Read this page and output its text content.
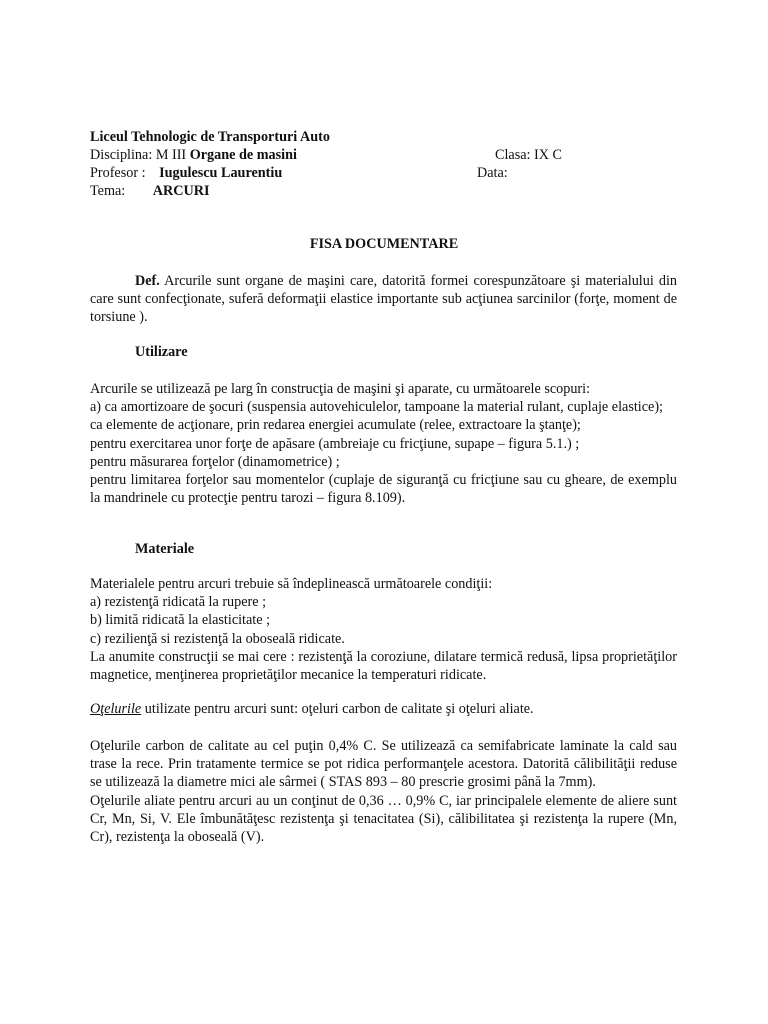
Liceul Tehnologic de Transporturi Auto
Disciplina: M III Organe de masini	Clasa: IX C
Profesor : Iugulescu Laurentiu	Data:
Tema: ARCURI
FISA DOCUMENTARE

Def. Arcurile sunt organe de maşini care, datorită formei corespunzătoare şi materialului din care sunt confecţionate, suferă deformaţii elastice importante sub acţiunea sarcinilor (forţe, moment de torsiune ).

Utilizare

Arcurile se utilizează pe larg în construcţia de maşini şi aparate, cu următoarele scopuri:

a) ca amortizoare de şocuri (suspensia autovehiculelor, tampoane la material rulant, cuplaje elastice);

ca elemente de acţionare, prin redarea energiei acumulate (relee, extractoare la ştanţe);

pentru exercitarea unor forţe de apăsare (ambreiaje cu fricţiune, supape – figura 5.1.) ;

pentru măsurarea forţelor (dinamometrice) ;

pentru limitarea forţelor sau momentelor (cuplaje de siguranţă cu fricţiune sau cu gheare, de exemplu la mandrinele cu protecţie pentru tarozi – figura 8.109).

Materiale

Materialele pentru arcuri trebuie să îndeplinească următoarele condiţii:

a) rezistenţă ridicată la rupere ;

b) limită ridicată la elasticitate ;

c) rezilienţă si rezistenţă la oboseală ridicate.

La anumite construcţii se mai cere : rezistenţă la coroziune, dilatare termică redusă, lipsa proprietăţilor magnetice, menţinerea proprietăţilor mecanice la temperaturi ridicate.

Oţelurile utilizate pentru arcuri sunt: oţeluri carbon de calitate şi oţeluri aliate.

Oţelurile carbon de calitate au cel puţin 0,4% C. Se utilizează ca semifabricate laminate la cald sau trase la rece. Prin tratamente termice se pot ridica performanţele acestora. Datorită călibilităţii reduse se utilizează la diametre mici ale sârmei ( STAS 893 – 80 prescrie grosimi până la 7mm).

Oţelurile aliate pentru arcuri au un conţinut de 0,36 … 0,9% C, iar principalele elemente de aliere sunt Cr, Mn, Si, V. Ele îmbunătăţesc rezistenţa şi tenacitatea (Si), călibilitatea şi rezistenţa la rupere (Mn, Cr), rezistenţa la oboseală (V).
